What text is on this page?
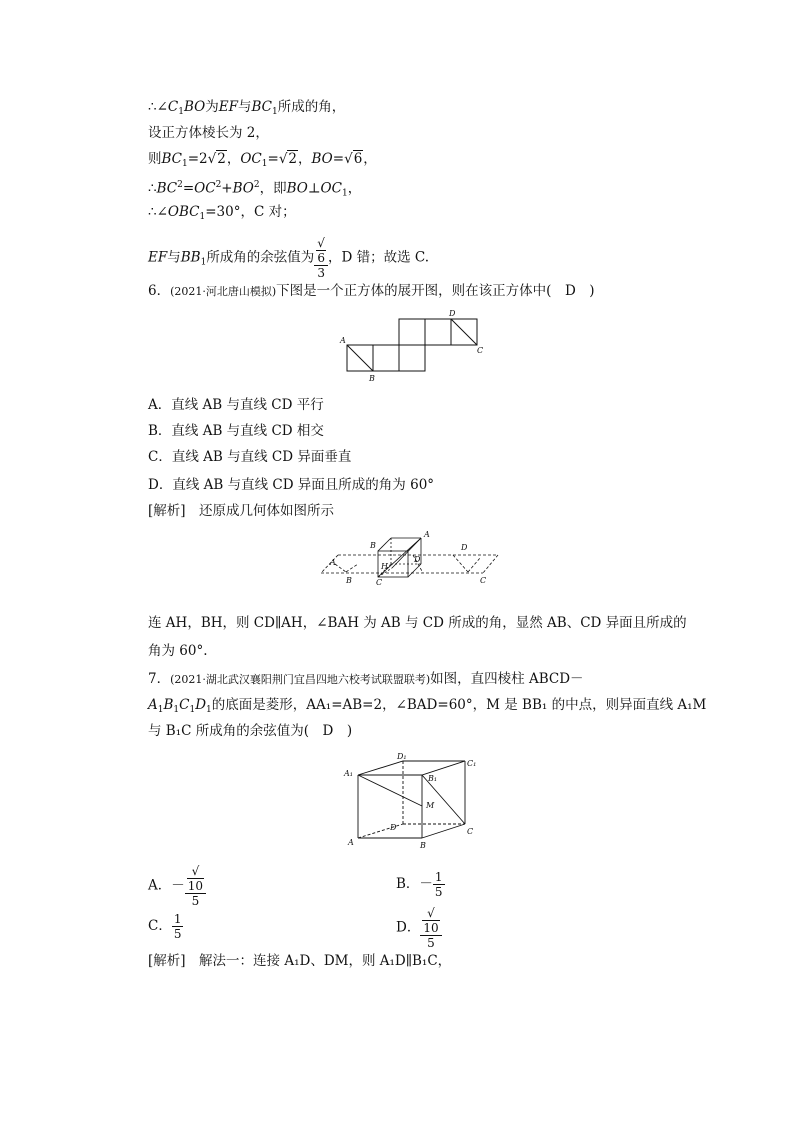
$\therefore\angle C_1BO$为EF与$BC_1$所成的角，
设正方体棱长为 2，
则$BC_1=2√2$，$OC_1=√2$，BO=√6，
$\therefore BC^2=OC^2+BO^2$，即$BO\perp OC_1$，
$\therefore\angle OBC_1=30^\circ$，C 对；
EF与$BB_1$所成角的余弦值为 √
6
3 ，D 错；故选 C.
6．(2021·河北唐山模拟)下图是一个正方体的展开图，则在该正方体中(　D　)
A
B
D
C
A．直线 AB 与直线 CD 平行
B．直线 AB 与直线 CD 相交
C．直线 AB 与直线 CD 异面垂直
D．直线 AB 与直线 CD 异面且所成的角为 60°
[解析]　还原成几何体如图所示
A
B
B
A
H
D
C
D
C
连 AH，BH，则 CD∥AH，∠BAH 为 AB 与 CD 所成的角，显然 AB、CD 异面且所成的
角为 60°.
7．(2021·湖北武汉襄阳荆门宜昌四地六校考试联盟联考)如图，直四棱柱 ABCD－
$A_1B_1C_1D_1$的底面是菱形，AA₁=AB=2，∠BAD=60°，M 是 BB₁ 的中点，则异面直线 A₁M
与 B₁C 所成角的余弦值为(　D　)
D₁
C₁
A₁
B₁
M
D	C
A	B
A．－ √
10
5	B．－ $\frac{1}{5}$
C． $\frac{1}{5}$	D． √
10
5
[解析]　解法一：连接 A₁D、DM，则 A₁D∥B₁C，
